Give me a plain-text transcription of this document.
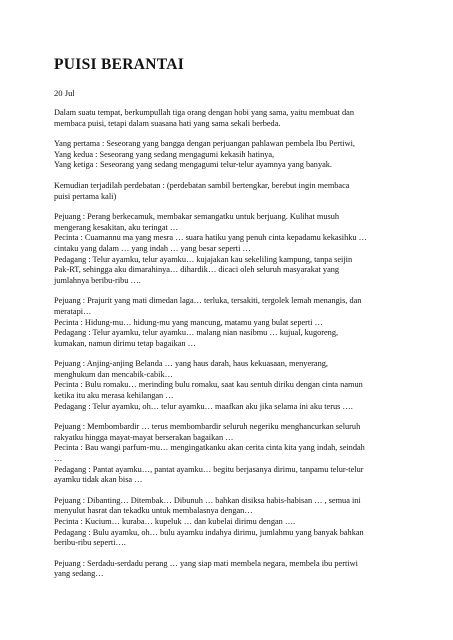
PUISI BERANTAI
20 Jul
Dalam suatu tempat, berkumpullah tiga orang dengan hobi yang sama, yaitu membuat dan
membaca puisi, tetapi dalam suasana hati yang sama sekali berbeda.
Yang pertama : Seseorang yang bangga dengan perjuangan pahlawan pembela Ibu Pertiwi,
Yang kedua : Seseorang yang sedang mengagumi kekasih hatinya,
Yang ketiga : Seseorang yang sedang mengagumi telur-telur ayamnya yang banyak.
Kemudian terjadilah perdebatan : (perdebatan sambil bertengkar, berebut ingin membaca
puisi pertama kali)
Pejuang : Perang berkecamuk, membakar semangatku untuk berjuang. Kulihat musuh
mengerang kesakitan, aku teringat …
Pecinta : Cuamannu ma yang mesra … suara hatiku yang penuh cinta kepadamu kekasihku …
cintaku yang dalam … yang indah … yang besar seperti …
Pedagang : Telur ayamku, telur ayamku… kujajakan kau sekeliling kampung, tanpa seijin
Pak-RT, sehingga aku dimarahinya… dihardik… dicaci oleh seluruh masyarakat yang
jumlahnya beribu-ribu ….
Pejuang : Prajurit yang mati dimedan laga… terluka, tersakiti, tergolek lemah menangis, dan
meratapi…
Pecinta : Hidung-mu… hidung-mu yang mancung, matamu yang bulat seperti …
Pedagang : Telur ayamku, telur ayamku… malang nian nasibmu … kujual, kugoreng,
kumakan, namun dirimu tetap bagaikan …
Pejuang : Anjing-anjing Belanda … yang haus darah, haus kekuasaan, menyerang,
menghukum dan mencabik-cabik…
Pecinta : Bulu romaku… merinding bulu romaku, saat kau sentuh diriku dengan cinta namun
ketika itu aku merasa kehilangan …
Pedagang : Telur ayamku, oh… telur ayamku… maafkan aku jika selama ini aku terus ….
Pejuang : Membombardir … terus membombardir seluruh negeriku menghancurkan seluruh
rakyatku hingga mayat-mayat berserakan bagaikan …
Pecinta : Bau wangi parfum-mu… mengingatkanku akan cerita cinta kita yang indah, seindah
…
Pedagang : Pantat ayamku…, pantat ayamku… begitu berjasanya dirimu, tanpamu telur-telur
ayamku tidak akan bisa …
Pejuang : Dibanting… Ditembak… Dibunuh … bahkan disiksa habis-habisan … , semua ini
menyulut hasrat dan tekadku untuk membalasnya dengan…
Pecinta : Kucium… kuraba… kupeluk … dan kubelai dirimu dengan ….
Pedagang : Bulu ayamku, oh… bulu ayamku indahya dirimu, jumlahmu yang banyak bahkan
beribu-ribu seperti….
Pejuang : Serdadu-serdadu perang … yang siap mati membela negara, membela ibu pertiwi
yang sedang…
